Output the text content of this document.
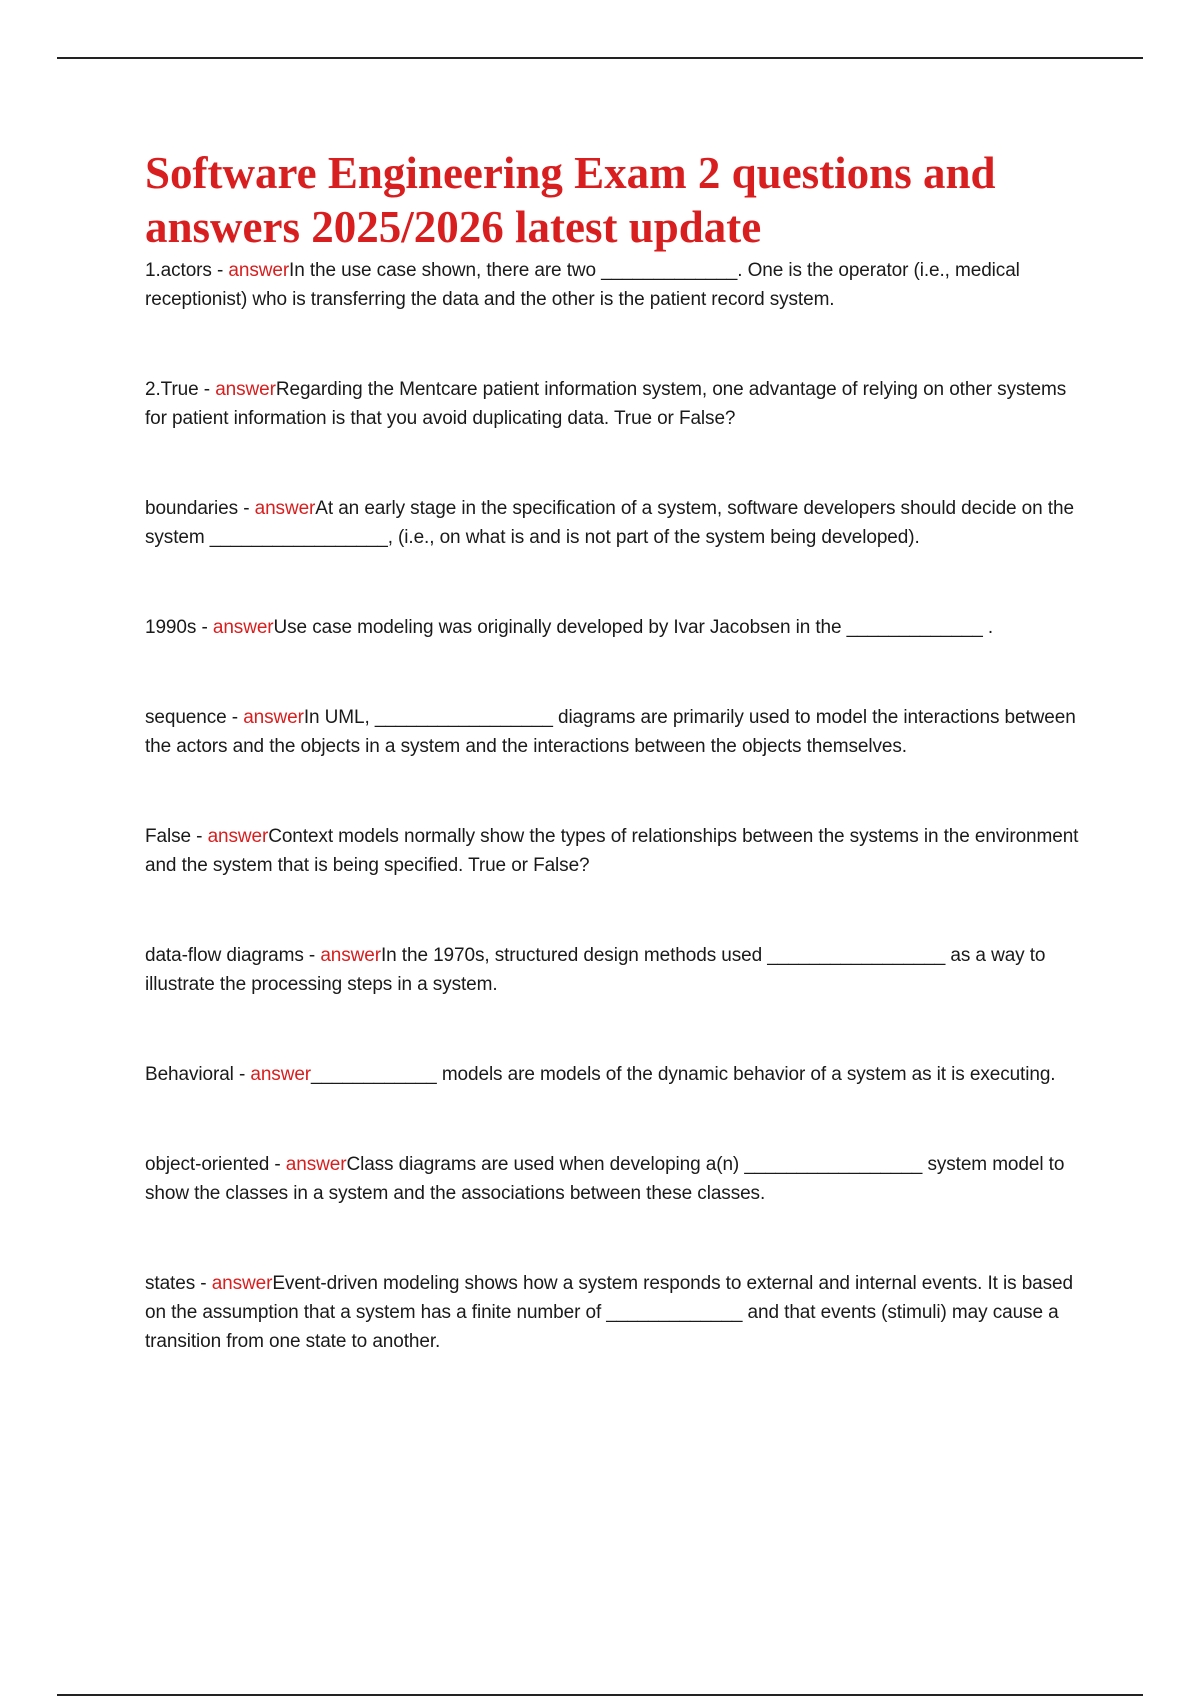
Software Engineering Exam 2 questions and answers 2025/2026 latest update
1.actors - answerIn the use case shown, there are two _____________. One is the operator (i.e., medical receptionist) who is transferring the data and the other is the patient record system.
2.True - answerRegarding the Mentcare patient information system, one advantage of relying on other systems for patient information is that you avoid duplicating data. True or False?
boundaries - answerAt an early stage in the specification of a system, software developers should decide on the system _________________, (i.e., on what is and is not part of the system being developed).
1990s - answerUse case modeling was originally developed by Ivar Jacobsen in the _____________ .
sequence - answerIn UML, _________________ diagrams are primarily used to model the interactions between the actors and the objects in a system and the interactions between the objects themselves.
False - answerContext models normally show the types of relationships between the systems in the environment and the system that is being specified. True or False?
data-flow diagrams - answerIn the 1970s, structured design methods used _________________ as a way to illustrate the processing steps in a system.
Behavioral - answer____________ models are models of the dynamic behavior of a system as it is executing.
object-oriented - answerClass diagrams are used when developing a(n) _________________ system model to show the classes in a system and the associations between these classes.
states - answerEvent-driven modeling shows how a system responds to external and internal events. It is based on the assumption that a system has a finite number of _____________ and that events (stimuli) may cause a transition from one state to another.
